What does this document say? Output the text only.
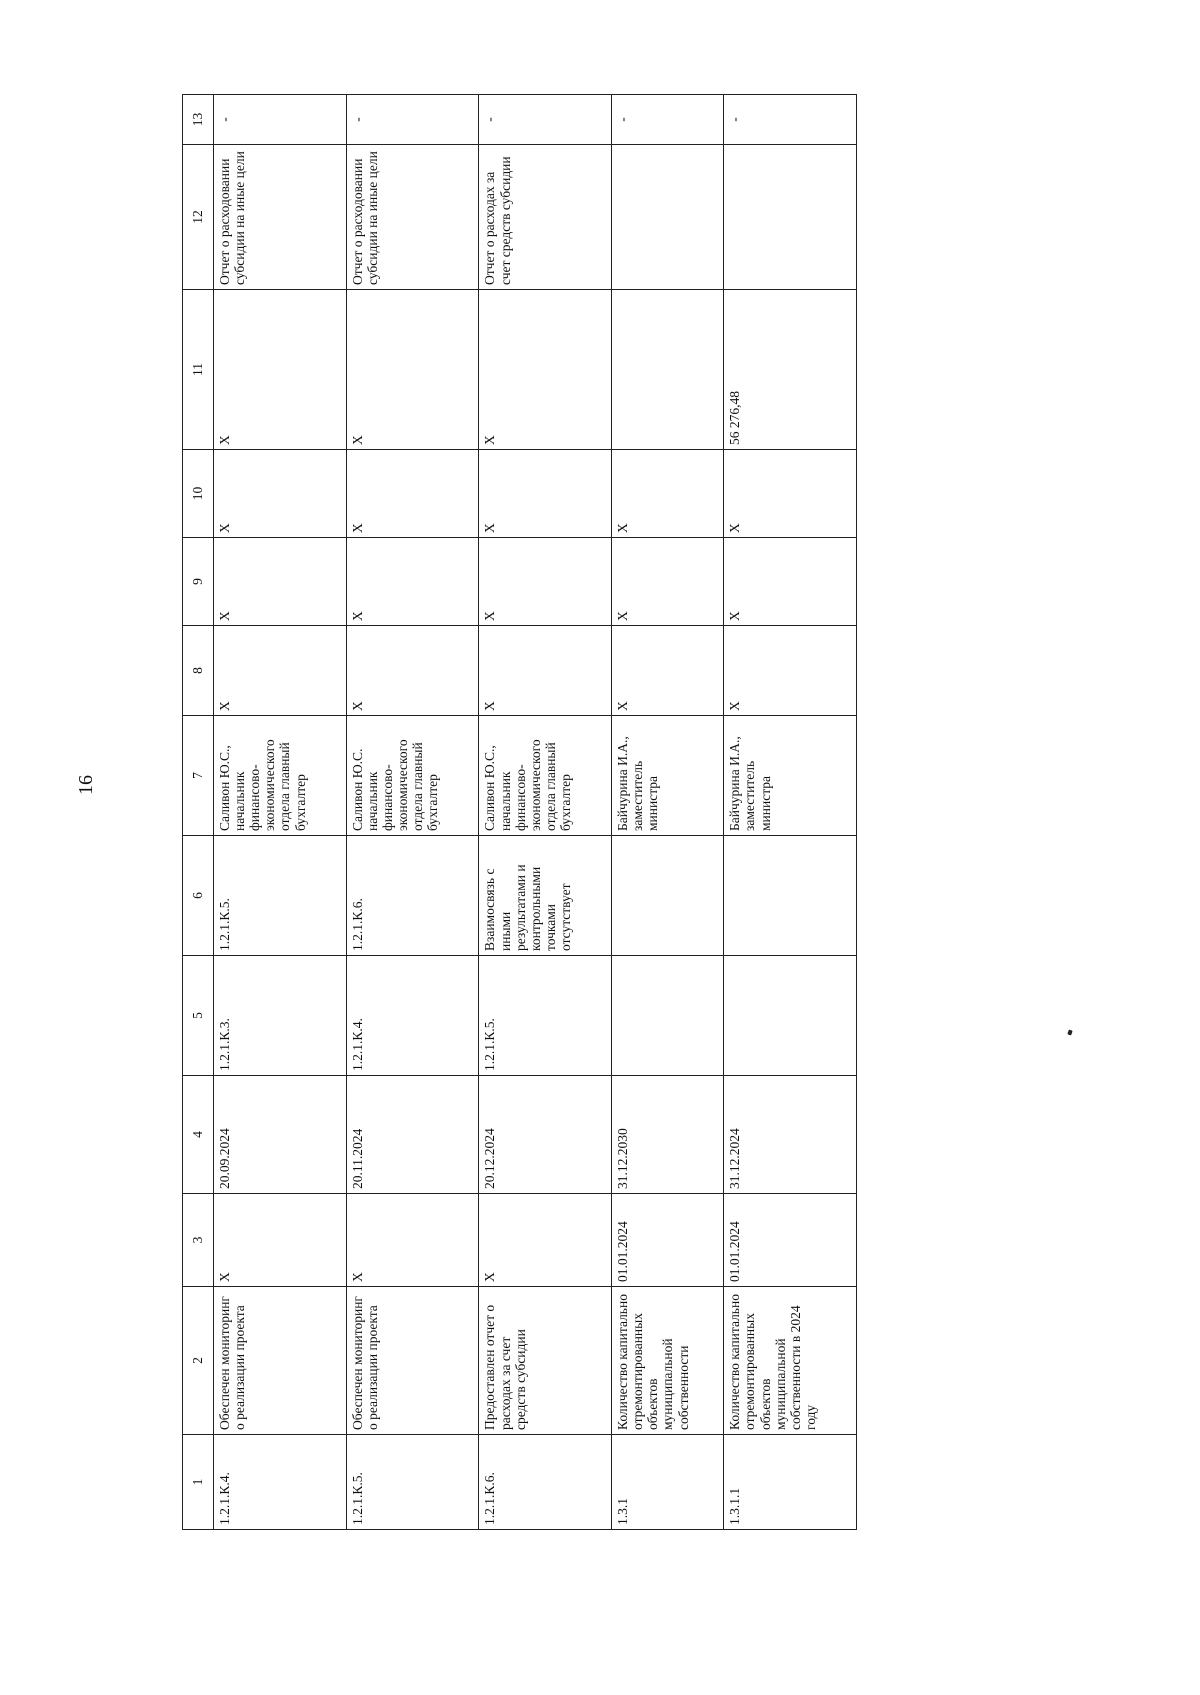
16
1	2	3	4	5	6	7	8	9	10	11	12	13
1.2.1.К.4.	Обеспечен мониторинг о реализации проекта	Х	20.09.2024	1.2.1.К.3.	1.2.1.К.5.	Саливон Ю.С., начальник финансово-экономического отдела главный бухгалтер	Х	Х	Х	Х	Отчет о расходовании субсидии на иные цели	-
1.2.1.К.5.	Обеспечен мониторинг о реализации проекта	Х	20.11.2024	1.2.1.К.4.	1.2.1.К.6.	Саливон Ю.С. начальник финансово-экономического отдела главный бухгалтер	Х	Х	Х	Х	Отчет о расходовании субсидии на иные цели	-
1.2.1.К.6.	Предоставлен отчет о расходах за счет средств субсидии	Х	20.12.2024	1.2.1.К.5.	Взаимосвязь с иными результатами и контрольными точками отсутствует	Саливон Ю.С., начальник финансово-экономического отдела главный бухгалтер	Х	Х	Х	Х	Отчет о расходах за счет средств субсидии	-
1.3.1	Количество капитально отремонтированных объектов муниципальной собственности	01.01.2024	31.12.2030			Байчурина И.А., заместитель министра	Х	Х	Х			-
1.3.1.1	Количество капитально отремонтированных объектов муниципальной собственности в 2024 году	01.01.2024	31.12.2024			Байчурина И.А., заместитель министра	Х	Х	Х	56 276,48		-
